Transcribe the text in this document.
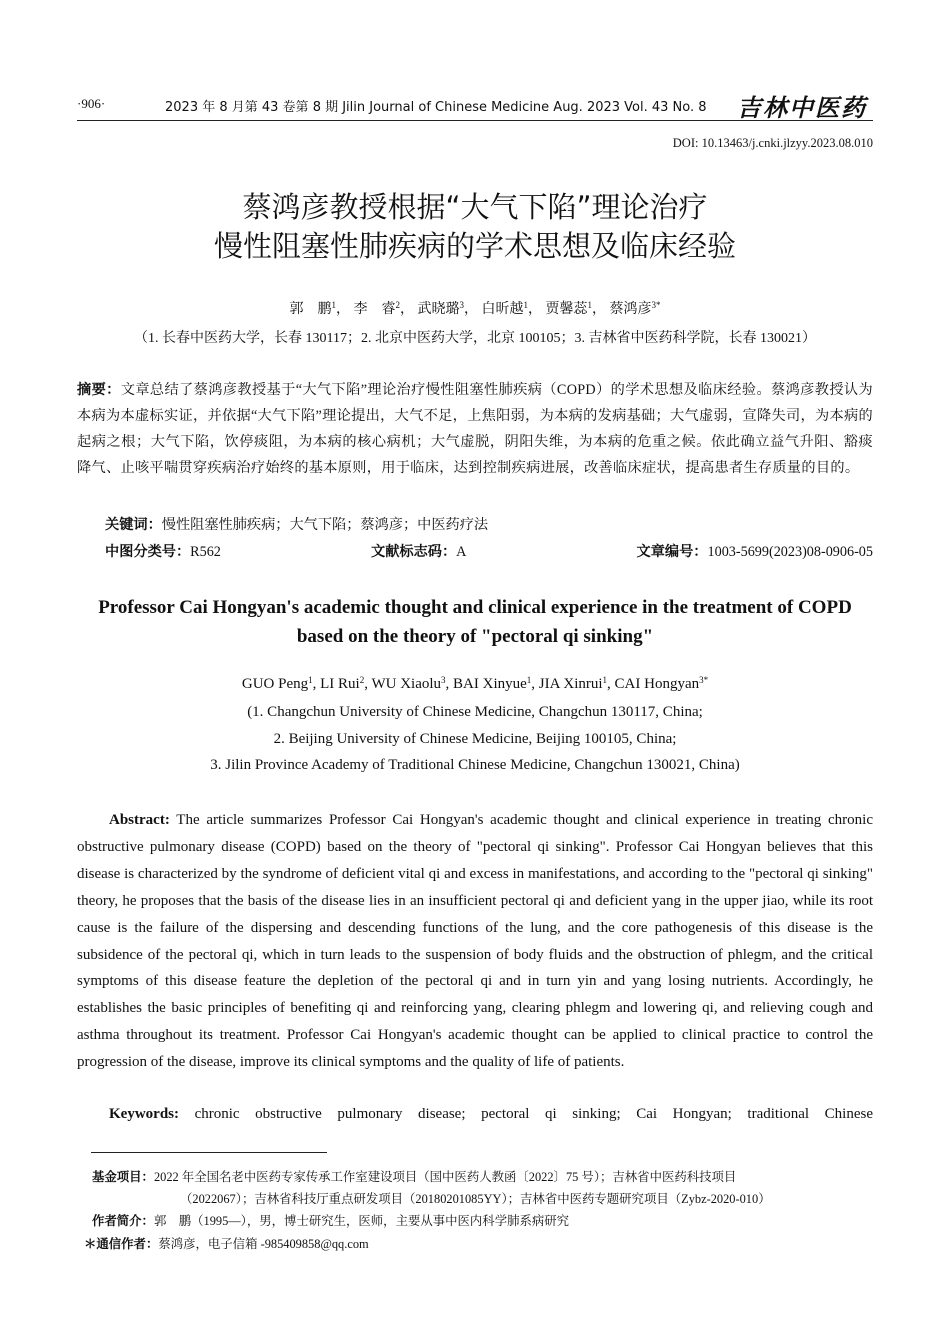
·906·	2023 年 8 月第 43 卷第 8 期 Jilin Journal of Chinese Medicine Aug. 2023 Vol. 43 No. 8 吉林中医药
DOI: 10.13463/j.cnki.jlzyy.2023.08.010
蔡鸿彦教授根据“大气下陷”理论治疗
慢性阻塞性肺疾病的学术思想及临床经验
郭　鹏$^1$， 李　睿$^2$， 武晓璐$^3$， 白昕越$^1$， 贾馨蕊$^1$， 蔡鸿彦$^{3*}$
（1. 长春中医药大学，长春 130117；2. 北京中医药大学，北京 100105；3. 吉林省中医药科学院，长春 130021）
摘要：文章总结了蔡鸿彦教授基于“大气下陷”理论治疗慢性阻塞性肺疾病（COPD）的学术思想及临床经验。蔡鸿彦教授认为本病为本虚标实证，并依据“大气下陷”理论提出，大气不足，上焦阳弱，为本病的发病基础；大气虚弱，宣降失司，为本病的起病之根；大气下陷，饮停痰阻，为本病的核心病机；大气虚脱，阴阳失维，为本病的危重之候。依此确立益气升阳、豁痰降气、止咳平喘贯穿疾病治疗始终的基本原则，用于临床，达到控制疾病进展，改善临床症状，提高患者生存质量的目的。
关键词：慢性阻塞性肺疾病；大气下陷；蔡鸿彦；中医药疗法
中图分类号：R562	文献标志码：A	文章编号：1003-5699(2023)08-0906-05
Professor Cai Hongyan's academic thought and clinical experience in the treatment of COPD
based on the theory of "pectoral qi sinking"
GUO Peng$^1$, LI Rui$^2$, WU Xiaolu$^3$, BAI Xinyue$^1$, JIA Xinrui$^1$, CAI Hongyan$^{3*}$
(1. Changchun University of Chinese Medicine, Changchun 130117, China;
2. Beijing University of Chinese Medicine, Beijing 100105, China;
3. Jilin Province Academy of Traditional Chinese Medicine, Changchun 130021, China)
Abstract: The article summarizes Professor Cai Hongyan's academic thought and clinical experience in treating chronic obstructive pulmonary disease (COPD) based on the theory of "pectoral qi sinking". Professor Cai Hongyan believes that this disease is characterized by the syndrome of deficient vital qi and excess in manifestations, and according to the "pectoral qi sinking" theory, he proposes that the basis of the disease lies in an insufficient pectoral qi and deficient yang in the upper jiao, while its root cause is the failure of the dispersing and descending functions of the lung, and the core pathogenesis of this disease is the subsidence of the pectoral qi, which in turn leads to the suspension of body fluids and the obstruction of phlegm, and the critical symptoms of this disease feature the depletion of the pectoral qi and in turn yin and yang losing nutrients. Accordingly, he establishes the basic principles of benefiting qi and reinforcing yang, clearing phlegm and lowering qi, and relieving cough and asthma throughout its treatment. Professor Cai Hongyan's academic thought can be applied to clinical practice to control the progression of the disease, improve its clinical symptoms and the quality of life of patients.
Keywords: chronic obstructive pulmonary disease; pectoral qi sinking; Cai Hongyan; traditional Chinese
基金项目：2022 年全国名老中医药专家传承工作室建设项目（国中医药人教函〔2022〕75 号）；吉林省中医药科技项目
（2022067）；吉林省科技厅重点研发项目（20180201085YY）；吉林省中医药专题研究项目（Zybz-2020-010）
作者简介：郭　鹏（1995—），男，博士研究生，医师，主要从事中医内科学肺系病研究
＊通信作者：蔡鸿彦，电子信箱 -985409858@qq.com
